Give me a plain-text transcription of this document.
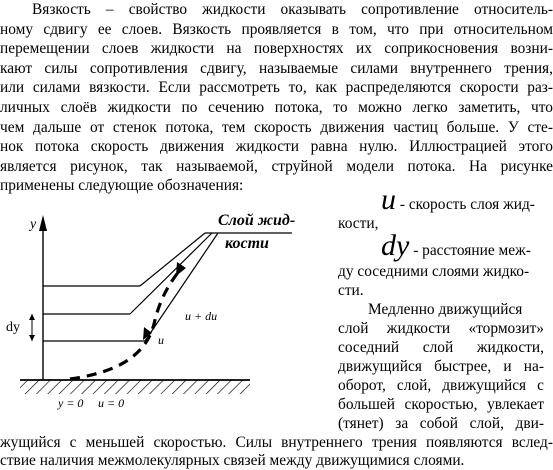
Вязкость – свойство жидкости оказывать сопротивление относитель-
ному сдвигу ее слоев. Вязкость проявляется в том, что при относительном
перемещении слоев жидкости на поверхностях их соприкосновения возни-
кают силы сопротивления сдвигу, называемые силами внутреннего трения,
или силами вязкости. Если рассмотреть то, как распределяются скорости раз-
личных слоёв жидкости по сечению потока, то можно легко заметить, что
чем дальше от стенок потока, тем скорость движения частиц больше. У сте-
нок потока скорость движения жидкости равна нулю. Иллюстрацией этого
является рисунок, так называемой, струйной модели потока. На рисунке
применены следующие обозначения:	u - скорость слоя жид-
кости,
dy - расстояние меж-
ду соседними слоями жидко-
сти.
Медленно движущийся
слой жидкости «тормозит»
соседний слой жидкости,
движущийся быстрее, и на-
оборот, слой, движущийся с
большей скоростью, увлекает
(тянет) за собой слой, дви-
жущийся с меньшей скоростью. Силы внутреннего трения появляются вслед-
ствие наличия межмолекулярных связей между движущимися слоями.
y
dy
Слой жид-
кости
u + du
u
y = 0 u = 0
